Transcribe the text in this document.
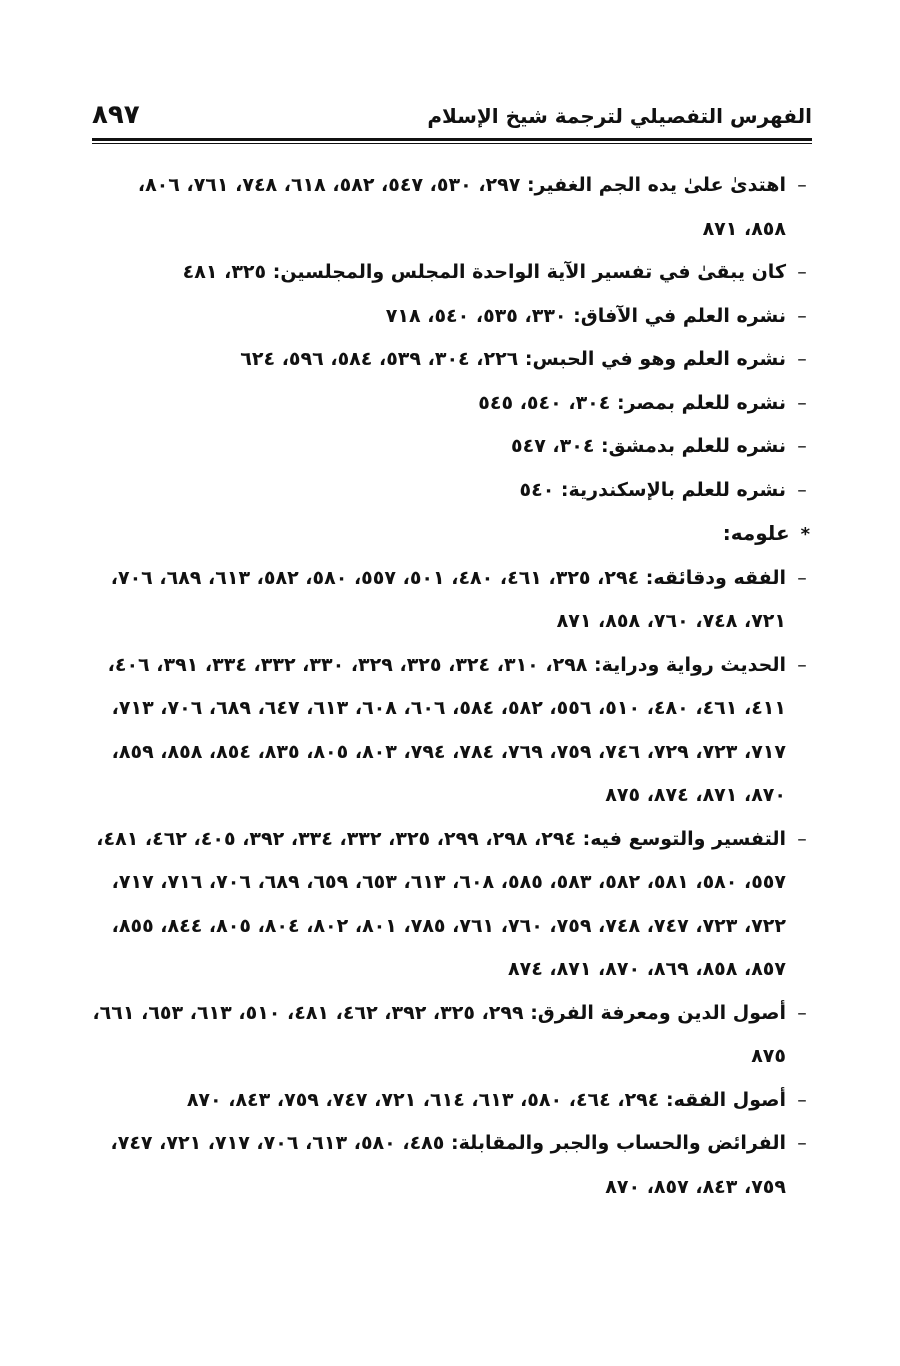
الفهرس التفصيلي لترجمة شيخ الإسلام
٨٩٧
–
اهتدىٰ علىٰ يده الجم الغفير: ٢٩٧، ٥٣٠، ٥٤٧، ٥٨٢، ٦١٨، ٧٤٨، ٧٦١، ٨٠٦، ٨٥٨، ٨٧١
–
كان يبقىٰ في تفسير الآية الواحدة المجلس والمجلسين: ٣٢٥، ٤٨١
–
نشره العلم في الآفاق: ٣٣٠، ٥٣٥، ٥٤٠، ٧١٨
–
نشره العلم وهو في الحبس: ٢٢٦، ٣٠٤، ٥٣٩، ٥٨٤، ٥٩٦، ٦٢٤
–
نشره للعلم بمصر: ٣٠٤، ٥٤٠، ٥٤٥
–
نشره للعلم بدمشق: ٣٠٤، ٥٤٧
–
نشره للعلم بالإسكندرية: ٥٤٠
* علومه:
–
الفقه ودقائقه: ٢٩٤، ٣٢٥، ٤٦١، ٤٨٠، ٥٠١، ٥٥٧، ٥٨٠، ٥٨٢، ٦١٣، ٦٨٩، ٧٠٦، ٧٢١، ٧٤٨، ٧٦٠، ٨٥٨، ٨٧١
–
الحديث رواية ودراية: ٢٩٨، ٣١٠، ٣٢٤، ٣٢٥، ٣٢٩، ٣٣٠، ٣٣٢، ٣٣٤، ٣٩١، ٤٠٦، ٤١١، ٤٦١، ٤٨٠، ٥١٠، ٥٥٦، ٥٨٢، ٥٨٤، ٦٠٦، ٦٠٨، ٦١٣، ٦٤٧، ٦٨٩، ٧٠٦، ٧١٣، ٧١٧، ٧٢٣، ٧٢٩، ٧٤٦، ٧٥٩، ٧٦٩، ٧٨٤، ٧٩٤، ٨٠٣، ٨٠٥، ٨٣٥، ٨٥٤، ٨٥٨، ٨٥٩، ٨٧٠، ٨٧١، ٨٧٤، ٨٧٥
–
التفسير والتوسع فيه: ٢٩٤، ٢٩٨، ٢٩٩، ٣٢٥، ٣٣٢، ٣٣٤، ٣٩٢، ٤٠٥، ٤٦٢، ٤٨١، ٥٥٧، ٥٨٠، ٥٨١، ٥٨٢، ٥٨٣، ٥٨٥، ٦٠٨، ٦١٣، ٦٥٣، ٦٥٩، ٦٨٩، ٧٠٦، ٧١٦، ٧١٧، ٧٢٢، ٧٢٣، ٧٤٧، ٧٤٨، ٧٥٩، ٧٦٠، ٧٦١، ٧٨٥، ٨٠١، ٨٠٢، ٨٠٤، ٨٠٥، ٨٤٤، ٨٥٥، ٨٥٧، ٨٥٨، ٨٦٩، ٨٧٠، ٨٧١، ٨٧٤
–
أصول الدين ومعرفة الفرق: ٢٩٩، ٣٢٥، ٣٩٢، ٤٦٢، ٤٨١، ٥١٠، ٦١٣، ٦٥٣، ٦٦١، ٨٧٥
–
أصول الفقه: ٢٩٤، ٤٦٤، ٥٨٠، ٦١٣، ٦١٤، ٧٢١، ٧٤٧، ٧٥٩، ٨٤٣، ٨٧٠
–
الفرائض والحساب والجبر والمقابلة: ٤٨٥، ٥٨٠، ٦١٣، ٧٠٦، ٧١٧، ٧٢١، ٧٤٧، ٧٥٩، ٨٤٣، ٨٥٧، ٨٧٠
